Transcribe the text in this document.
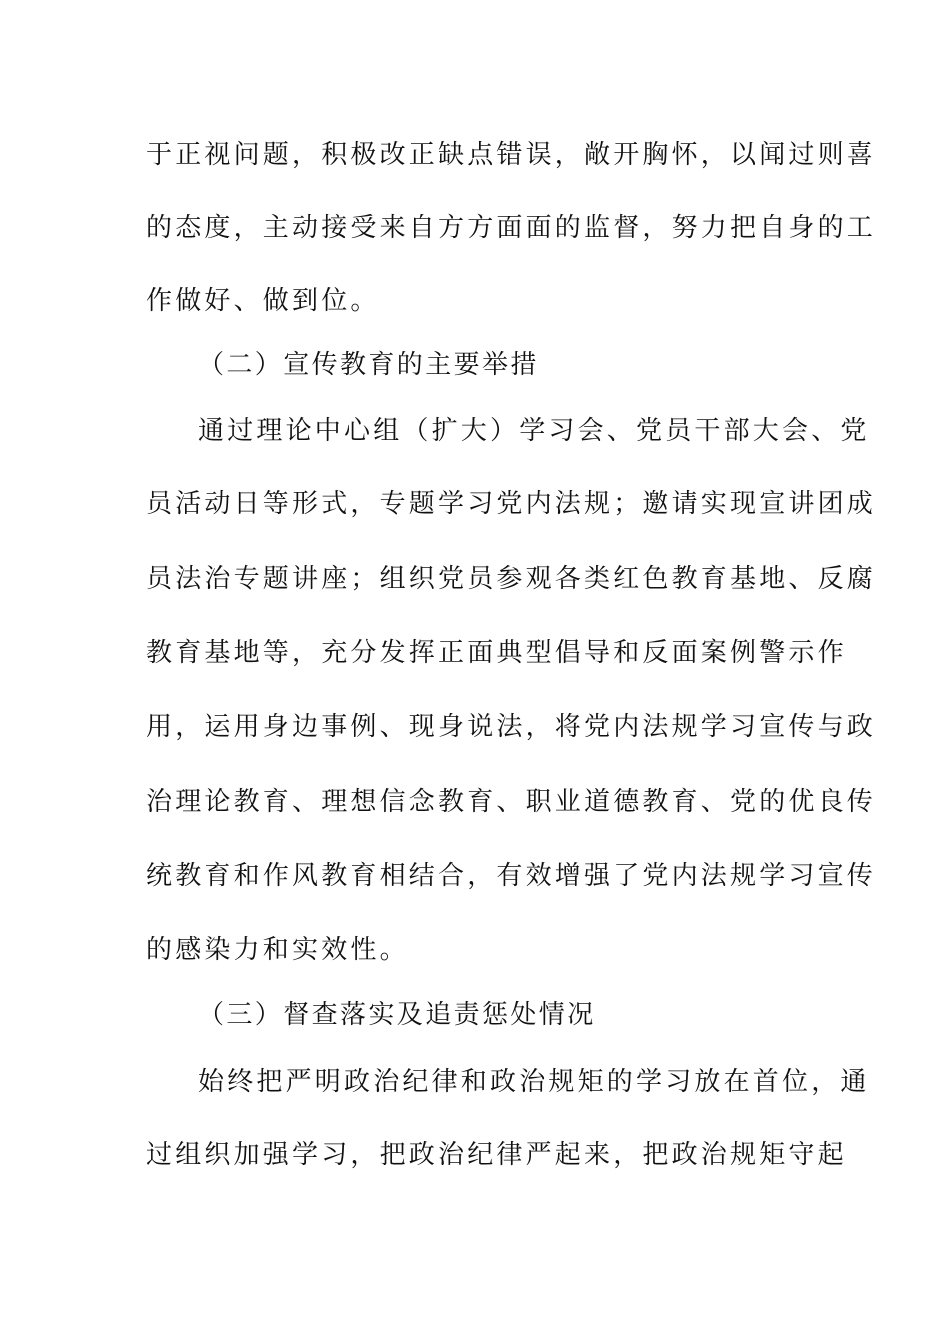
于正视问题，积极改正缺点错误，敞开胸怀，以闻过则喜
的态度，主动接受来自方方面面的监督，努力把自身的工
作做好、做到位。
（二）宣传教育的主要举措
通过理论中心组（扩大）学习会、党员干部大会、党
员活动日等形式，专题学习党内法规；邀请实现宣讲团成
员法治专题讲座；组织党员参观各类红色教育基地、反腐
教育基地等，充分发挥正面典型倡导和反面案例警示作
用，运用身边事例、现身说法，将党内法规学习宣传与政
治理论教育、理想信念教育、职业道德教育、党的优良传
统教育和作风教育相结合，有效增强了党内法规学习宣传
的感染力和实效性。
（三）督查落实及追责惩处情况
始终把严明政治纪律和政治规矩的学习放在首位，通
过组织加强学习，把政治纪律严起来，把政治规矩守起
